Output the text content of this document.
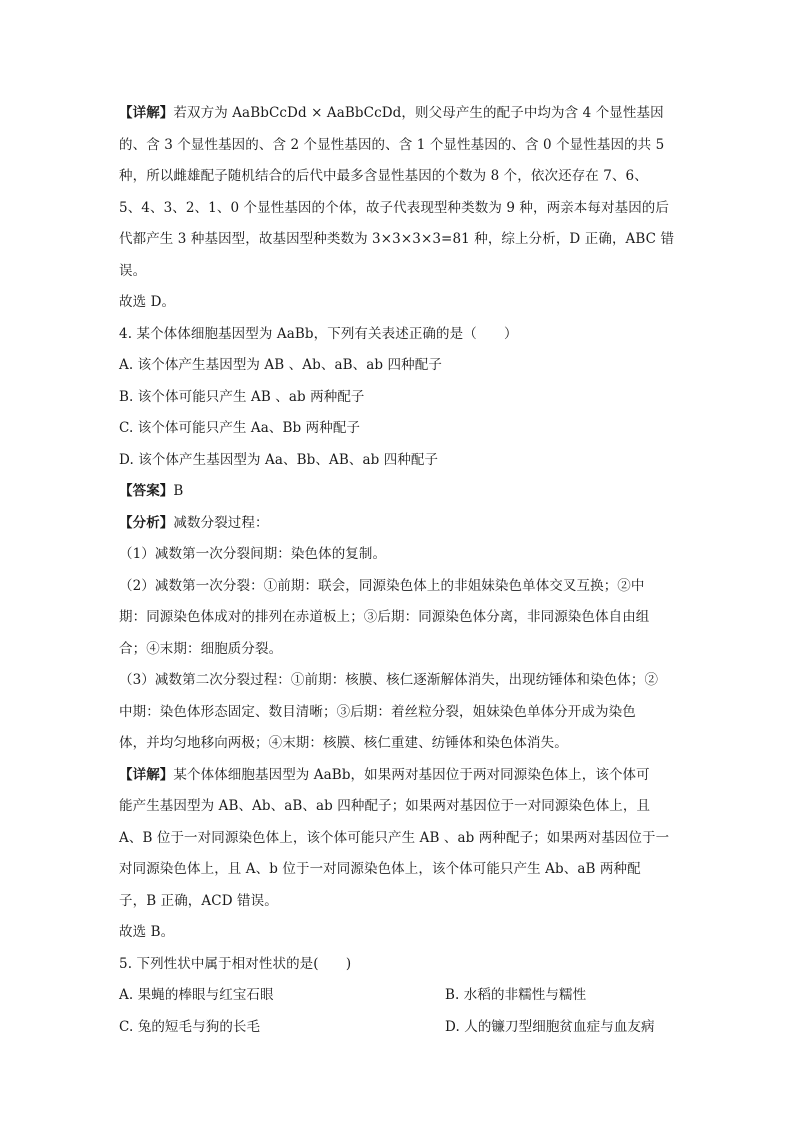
【详解】若双方为 AaBbCcDd × AaBbCcDd，则父母产生的配子中均为含 4 个显性基因
的、含 3 个显性基因的、含 2 个显性基因的、含 1 个显性基因的、含 0 个显性基因的共 5
种，所以雌雄配子随机结合的后代中最多含显性基因的个数为 8 个，依次还存在 7、6、
5、4、3、2、1、0 个显性基因的个体，故子代表现型种类数为 9 种，两亲本每对基因的后
代都产生 3 种基因型，故基因型种类数为 3×3×3×3=81 种，综上分析，D 正确，ABC 错
误。
故选 D。
4. 某个体体细胞基因型为 AaBb，下列有关表述正确的是（　　）
A. 该个体产生基因型为 AB 、Ab、aB、ab 四种配子
B. 该个体可能只产生 AB 、ab 两种配子
C. 该个体可能只产生 Aa、Bb 两种配子
D. 该个体产生基因型为 Aa、Bb、AB、ab 四种配子
【答案】B
【分析】减数分裂过程：
（1）减数第一次分裂间期：染色体的复制。
（2）减数第一次分裂：①前期：联会，同源染色体上的非姐妹染色单体交叉互换；②中
期：同源染色体成对的排列在赤道板上；③后期：同源染色体分离，非同源染色体自由组
合；④末期：细胞质分裂。
（3）减数第二次分裂过程：①前期：核膜、核仁逐渐解体消失，出现纺锤体和染色体；②
中期：染色体形态固定、数目清晰；③后期：着丝粒分裂，姐妹染色单体分开成为染色
体，并均匀地移向两极；④末期：核膜、核仁重建、纺锤体和染色体消失。
【详解】某个体体细胞基因型为 AaBb，如果两对基因位于两对同源染色体上，该个体可
能产生基因型为 AB、Ab、aB、ab 四种配子；如果两对基因位于一对同源染色体上，且
A、B 位于一对同源染色体上，该个体可能只产生 AB 、ab 两种配子；如果两对基因位于一
对同源染色体上，且 A、b 位于一对同源染色体上，该个体可能只产生 Ab、aB 两种配
子，B 正确，ACD 错误。
故选 B。
5. 下列性状中属于相对性状的是(　　)
A. 果蝇的棒眼与红宝石眼	B. 水稻的非糯性与糯性
C. 兔的短毛与狗的长毛	D. 人的镰刀型细胞贫血症与血友病
